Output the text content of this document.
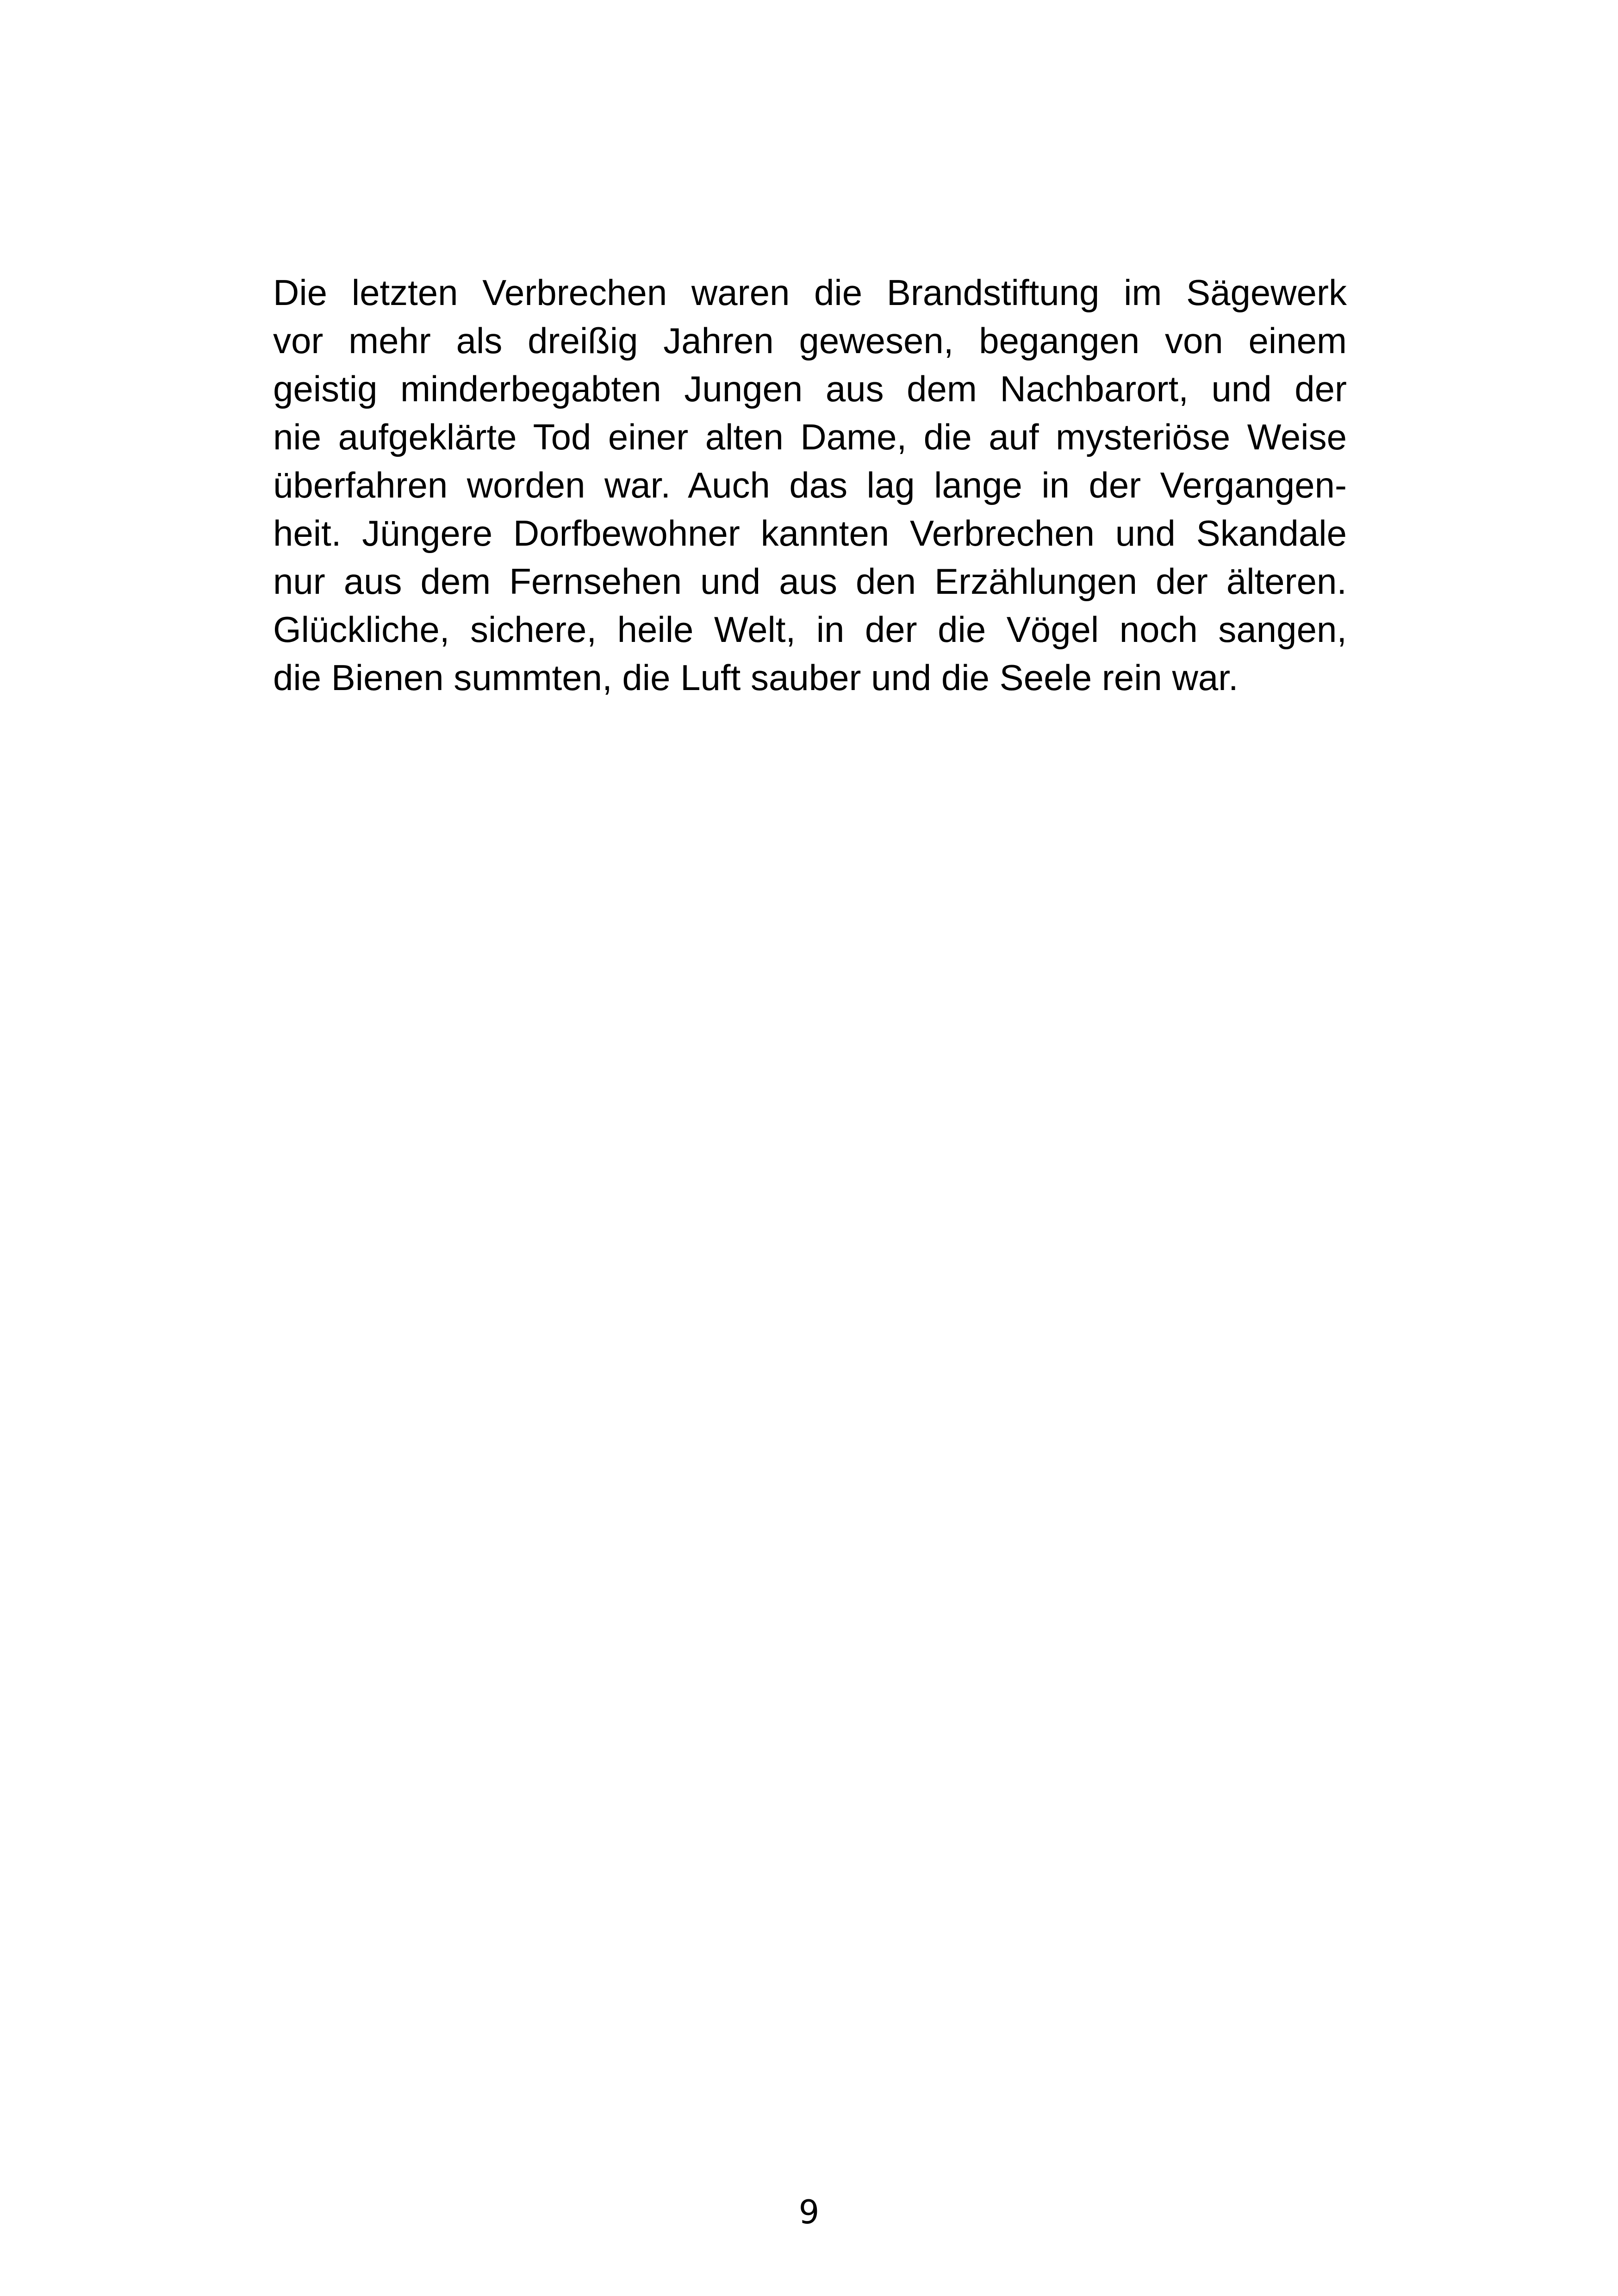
Die letzten Verbrechen waren die Brandstiftung im Sägewerk
vor mehr als dreißig Jahren gewesen, begangen von einem
geistig minderbegabten Jungen aus dem Nachbarort, und der
nie aufgeklärte Tod einer alten Dame, die auf mysteriöse Weise
überfahren worden war. Auch das lag lange in der Vergangen-
heit. Jüngere Dorfbewohner kannten Verbrechen und Skandale
nur aus dem Fernsehen und aus den Erzählungen der älteren.
Glückliche, sichere, heile Welt, in der die Vögel noch sangen,
die Bienen summten, die Luft sauber und die Seele rein war.

9
